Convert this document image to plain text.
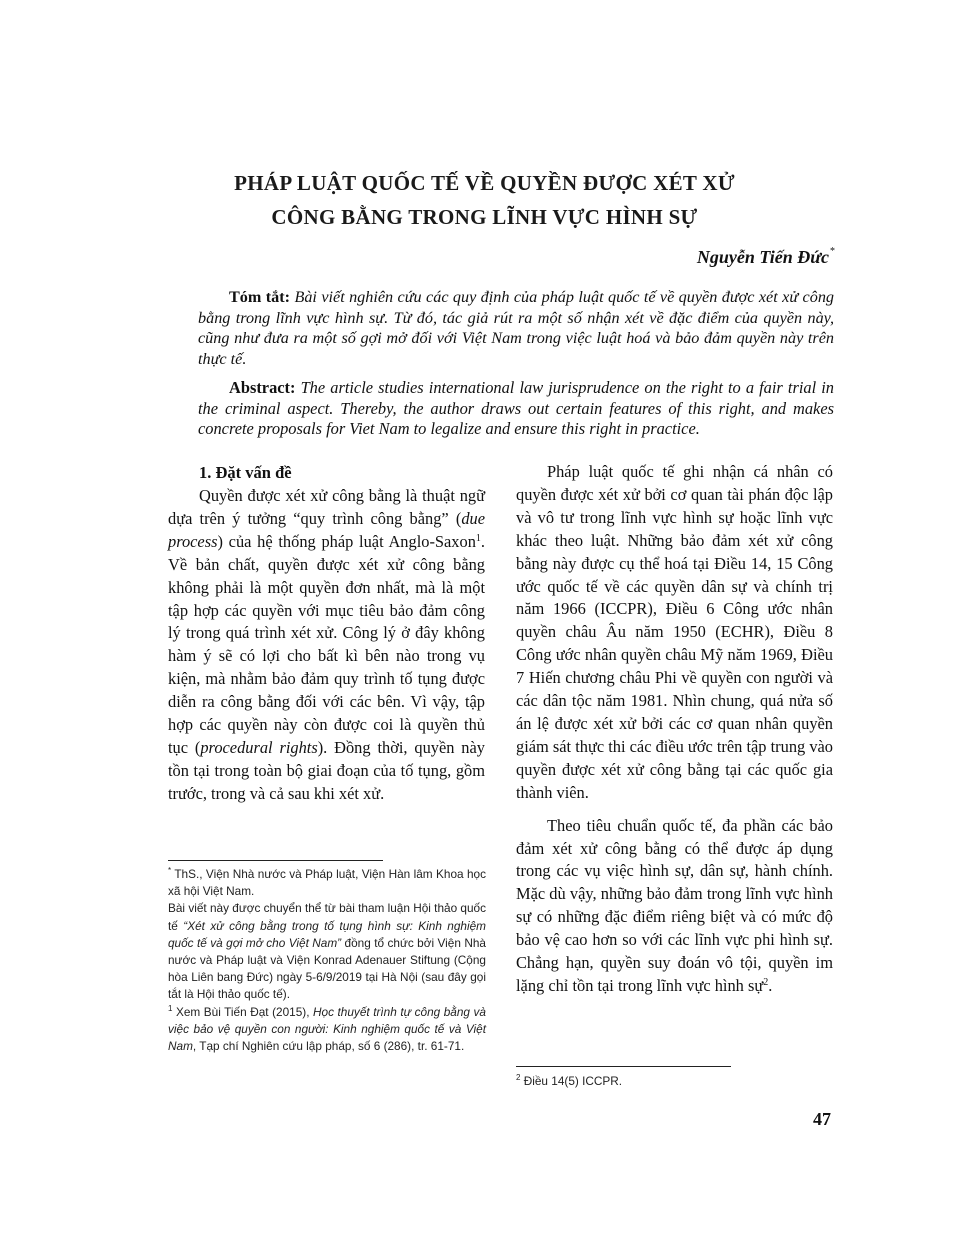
PHÁP LUẬT QUỐC TẾ VỀ QUYỀN ĐƯỢC XÉT XỬ
CÔNG BẰNG TRONG LĨNH VỰC HÌNH SỰ
Nguyễn Tiến Đức*
Tóm tắt: Bài viết nghiên cứu các quy định của pháp luật quốc tế về quyền được xét xử công bằng trong lĩnh vực hình sự. Từ đó, tác giả rút ra một số nhận xét về đặc điểm của quyền này, cũng như đưa ra một số gợi mở đối với Việt Nam trong việc luật hoá và bảo đảm quyền này trên thực tế.
Abstract: The article studies international law jurisprudence on the right to a fair trial in the criminal aspect. Thereby, the author draws out certain features of this right, and makes concrete proposals for Viet Nam to legalize and ensure this right in practice.
1. Đặt vấn đề

Quyền được xét xử công bằng là thuật ngữ dựa trên ý tưởng “quy trình công bằng” (due process) của hệ thống pháp luật Anglo-Saxon$^1$. Về bản chất, quyền được xét xử công bằng không phải là một quyền đơn nhất, mà là một tập hợp các quyền với mục tiêu bảo đảm công lý trong quá trình xét xử. Công lý ở đây không hàm ý sẽ có lợi cho bất kì bên nào trong vụ kiện, mà nhằm bảo đảm quy trình tố tụng được diễn ra công bằng đối với các bên. Vì vậy, tập hợp các quyền này còn được coi là quyền thủ tục (procedural rights). Đồng thời, quyền này tồn tại trong toàn bộ giai đoạn của tố tụng, gồm trước, trong và cả sau khi xét xử.

Pháp luật quốc tế ghi nhận cá nhân có quyền được xét xử bởi cơ quan tài phán độc lập và vô tư trong lĩnh vực hình sự hoặc lĩnh vực khác theo luật. Những bảo đảm xét xử công bằng này được cụ thể hoá tại Điều 14, 15 Công ước quốc tế về các quyền dân sự và chính trị năm 1966 (ICCPR), Điều 6 Công ước nhân quyền châu Âu năm 1950 (ECHR), Điều 8 Công ước nhân quyền châu Mỹ năm 1969, Điều 7 Hiến chương châu Phi về quyền con người và các dân tộc năm 1981. Nhìn chung, quá nửa số án lệ được xét xử bởi các cơ quan nhân quyền giám sát thực thi các điều ước trên tập trung vào quyền được xét xử công bằng tại các quốc gia thành viên.

Theo tiêu chuẩn quốc tế, đa phần các bảo đảm xét xử công bằng có thể được áp dụng trong các vụ việc hình sự, dân sự, hành chính. Mặc dù vậy, những bảo đảm trong lĩnh vực hình sự có những đặc điểm riêng biệt và có mức độ bảo vệ cao hơn so với các lĩnh vực phi hình sự. Chẳng hạn, quyền suy đoán vô tội, quyền im lặng chỉ tồn tại trong lĩnh vực hình sự$^2$.

* ThS., Viện Nhà nước và Pháp luật, Viện Hàn lâm Khoa học xã hội Việt Nam.

Bài viết này được chuyển thể từ bài tham luận Hội thảo quốc tế “Xét xử công bằng trong tố tụng hình sự: Kinh nghiệm quốc tế và gợi mở cho Việt Nam” đồng tổ chức bởi Viện Nhà nước và Pháp luật và Viện Konrad Adenauer Stiftung (Cộng hòa Liên bang Đức) ngày 5-6/9/2019 tại Hà Nội (sau đây gọi tắt là Hội thảo quốc tế).

$^1$ Xem Bùi Tiến Đạt (2015), Học thuyết trình tự công bằng và việc bảo vệ quyền con người: Kinh nghiệm quốc tế và Việt Nam, Tạp chí Nghiên cứu lập pháp, số 6 (286), tr. 61-71.

$^2$ Điều 14(5) ICCPR.

47
